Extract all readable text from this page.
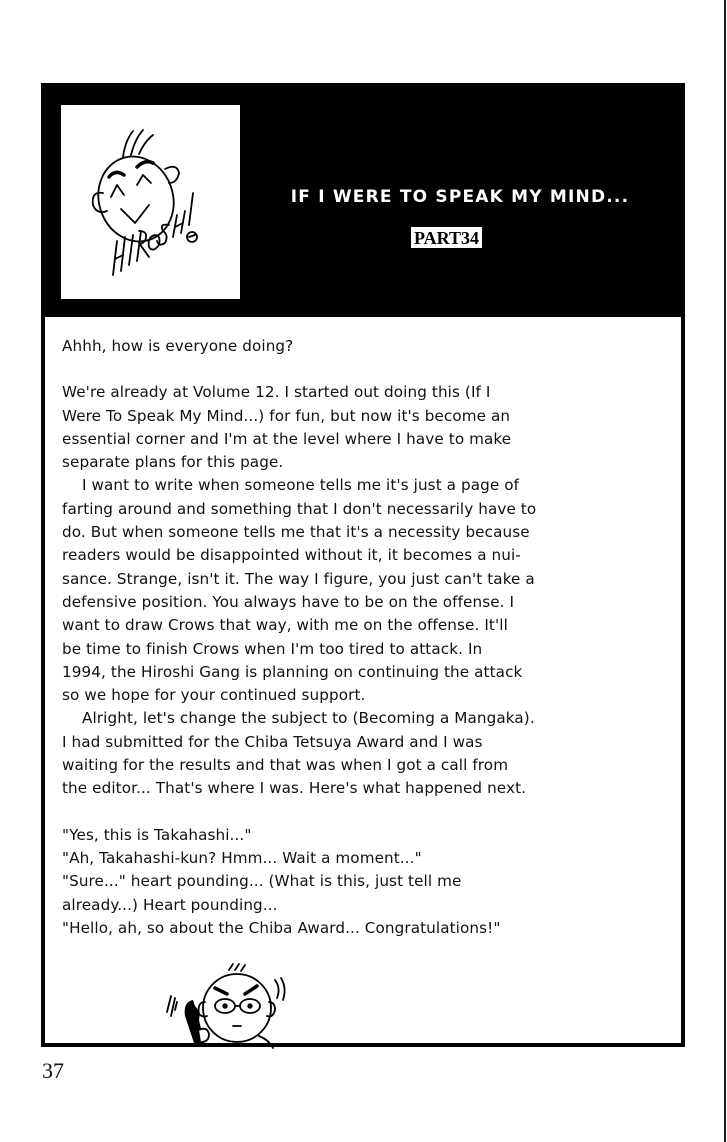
IF I WERE TO SPEAK MY MIND...
PART34

Ahhh, how is everyone doing?

We're already at Volume 12. I started out doing this (If I

Were To Speak My Mind...) for fun, but now it's become an

essential corner and I'm at the level where I have to make

separate plans for this page.

I want to write when someone tells me it's just a page of

farting around and something that I don't necessarily have to

do. But when someone tells me that it's a necessity because

readers would be disappointed without it, it becomes a nui-

sance. Strange, isn't it. The way I figure, you just can't take a

defensive position. You always have to be on the offense. I

want to draw Crows that way, with me on the offense. It'll

be time to finish Crows when I'm too tired to attack. In

1994, the Hiroshi Gang is planning on continuing the attack

so we hope for your continued support.

Alright, let's change the subject to (Becoming a Mangaka).

I had submitted for the Chiba Tetsuya Award and I was

waiting for the results and that was when I got a call from

the editor... That's where I was. Here's what happened next.

"Yes, this is Takahashi..."

"Ah, Takahashi-kun? Hmm... Wait a moment..."

"Sure..." heart pounding... (What is this, just tell me

already...) Heart pounding...

"Hello, ah, so about the Chiba Award... Congratulations!"

37
